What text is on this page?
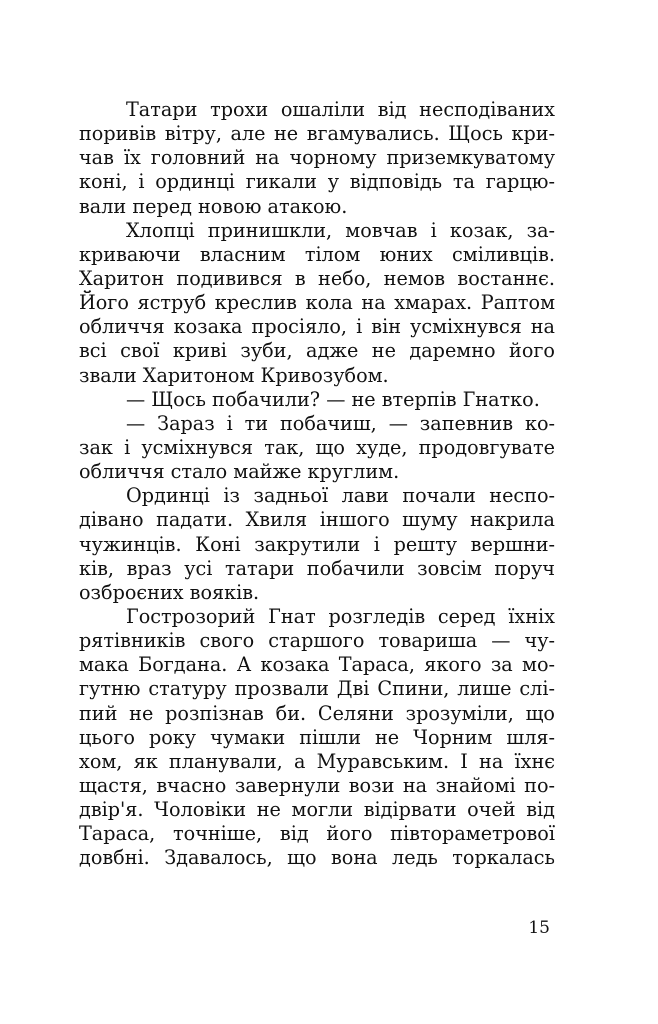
Татари трохи ошаліли від несподіваних
поривів вітру, але не вгамувались. Щось кри-
чав їх головний на чорному приземкуватому
коні, і ординці гикали у відповідь та гарцю-
вали перед новою атакою.
Хлопці принишкли, мовчав і козак, за-
криваючи власним тілом юних сміливців.
Харитон подивився в небо, немов востаннє.
Його яструб креслив кола на хмарах. Раптом
обличчя козака просіяло, і він усміхнувся на
всі свої криві зуби, адже не даремно його
звали Харитоном Кривозубом.
— Щось побачили? — не втерпів Гнатко.
— Зараз і ти побачиш, — запевнив ко-
зак і усміхнувся так, що худе, продовгувате
обличчя стало майже круглим.
Ординці із задньої лави почали неспо-
дівано падати. Хвиля іншого шуму накрила
чужинців. Коні закрутили і решту вершни-
ків, враз усі татари побачили зовсім поруч
озброєних вояків.
Гострозорий Гнат розгледів серед їхніх
рятівників свого старшого товариша — чу-
мака Богдана. А козака Тараса, якого за мо-
гутню статуру прозвали Дві Спини, лише слі-
пий не розпізнав би. Селяни зрозуміли, що
цього року чумаки пішли не Чорним шля-
хом, як планували, а Муравським. І на їхнє
щастя, вчасно завернули вози на знайомі по-
двір'я. Чоловіки не могли відірвати очей від
Тараса, точніше, від його півтораметрової
довбні. Здавалось, що вона ледь торкалась
15
